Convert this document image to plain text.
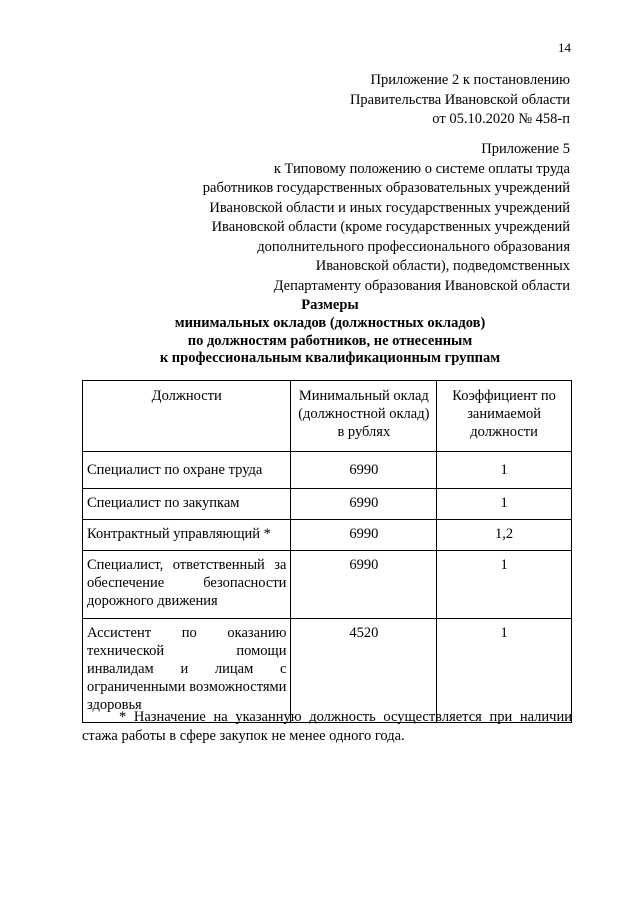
14
Приложение 2 к постановлению
Правительства Ивановской области
от 05.10.2020 № 458-п
Приложение 5
к Типовому положению о системе оплаты труда
работников государственных образовательных учреждений
Ивановской области и иных государственных учреждений
Ивановской области (кроме государственных учреждений
дополнительного профессионального образования
Ивановской области), подведомственных
Департаменту образования Ивановской области
Размеры
минимальных окладов (должностных окладов)
по должностям работников, не отнесенным
к профессиональным квалификационным группам
Должности	Минимальный оклад (должностной оклад) в рублях	Коэффициент по занимаемой должности
Специалист по охране труда	6990	1
Специалист по закупкам	6990	1
Контрактный управляющий *	6990	1,2
Специалист, ответственный за обеспечение безопасности дорожного движения	6990	1
Ассистент по оказанию технической помощи инвалидам и лицам с ограниченными возможностями здоровья	4520	1
* Назначение на указанную должность осуществляется при наличии стажа работы в сфере закупок не менее одного года.
